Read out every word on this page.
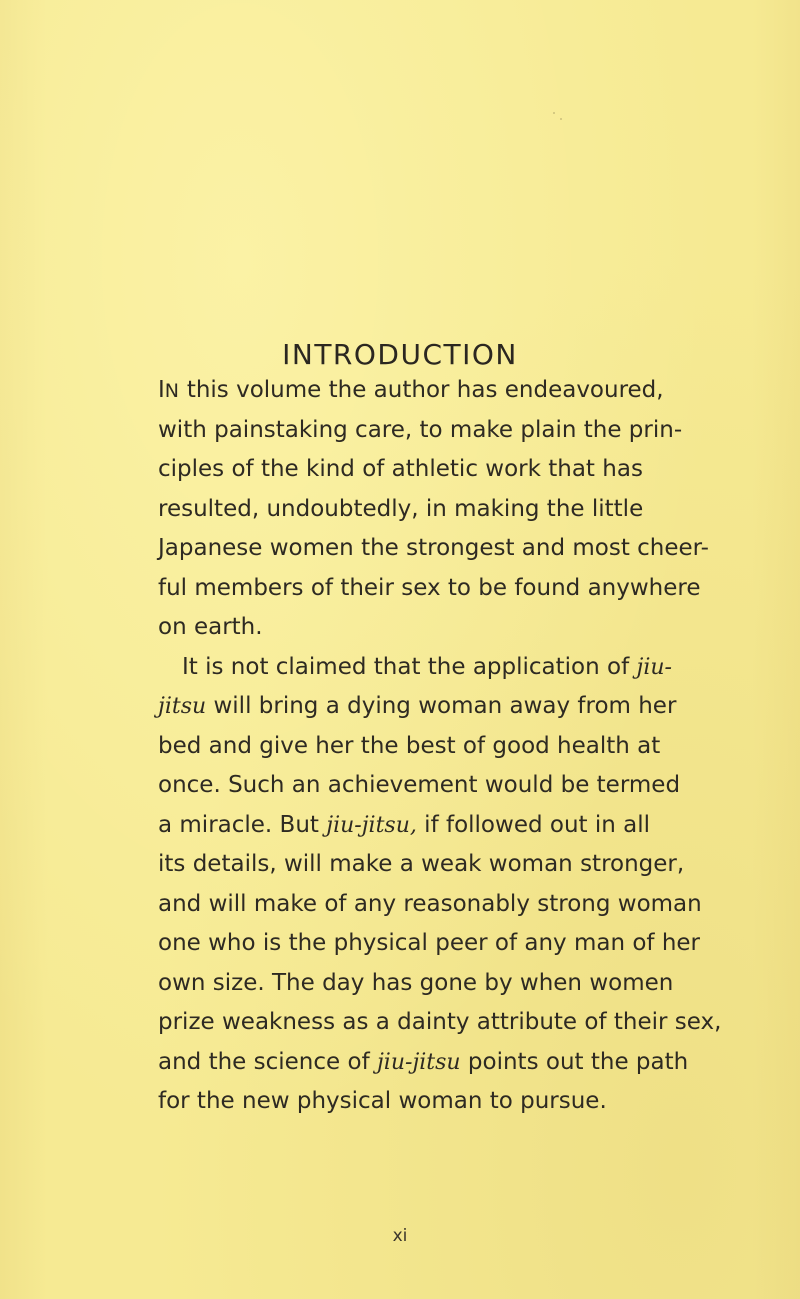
INTRODUCTION
IN this volume the author has endeavoured,
with painstaking care, to make plain the prin-
ciples of the kind of athletic work that has
resulted, undoubtedly, in making the little
Japanese women the strongest and most cheer-
ful members of their sex to be found anywhere
on earth.
It is not claimed that the application of jiu-
jitsu will bring a dying woman away from her
bed and give her the best of good health at
once. Such an achievement would be termed
a miracle. But jiu-jitsu, if followed out in all
its details, will make a weak woman stronger,
and will make of any reasonably strong woman
one who is the physical peer of any man of her
own size. The day has gone by when women
prize weakness as a dainty attribute of their sex,
and the science of jiu-jitsu points out the path
for the new physical woman to pursue.
xi
